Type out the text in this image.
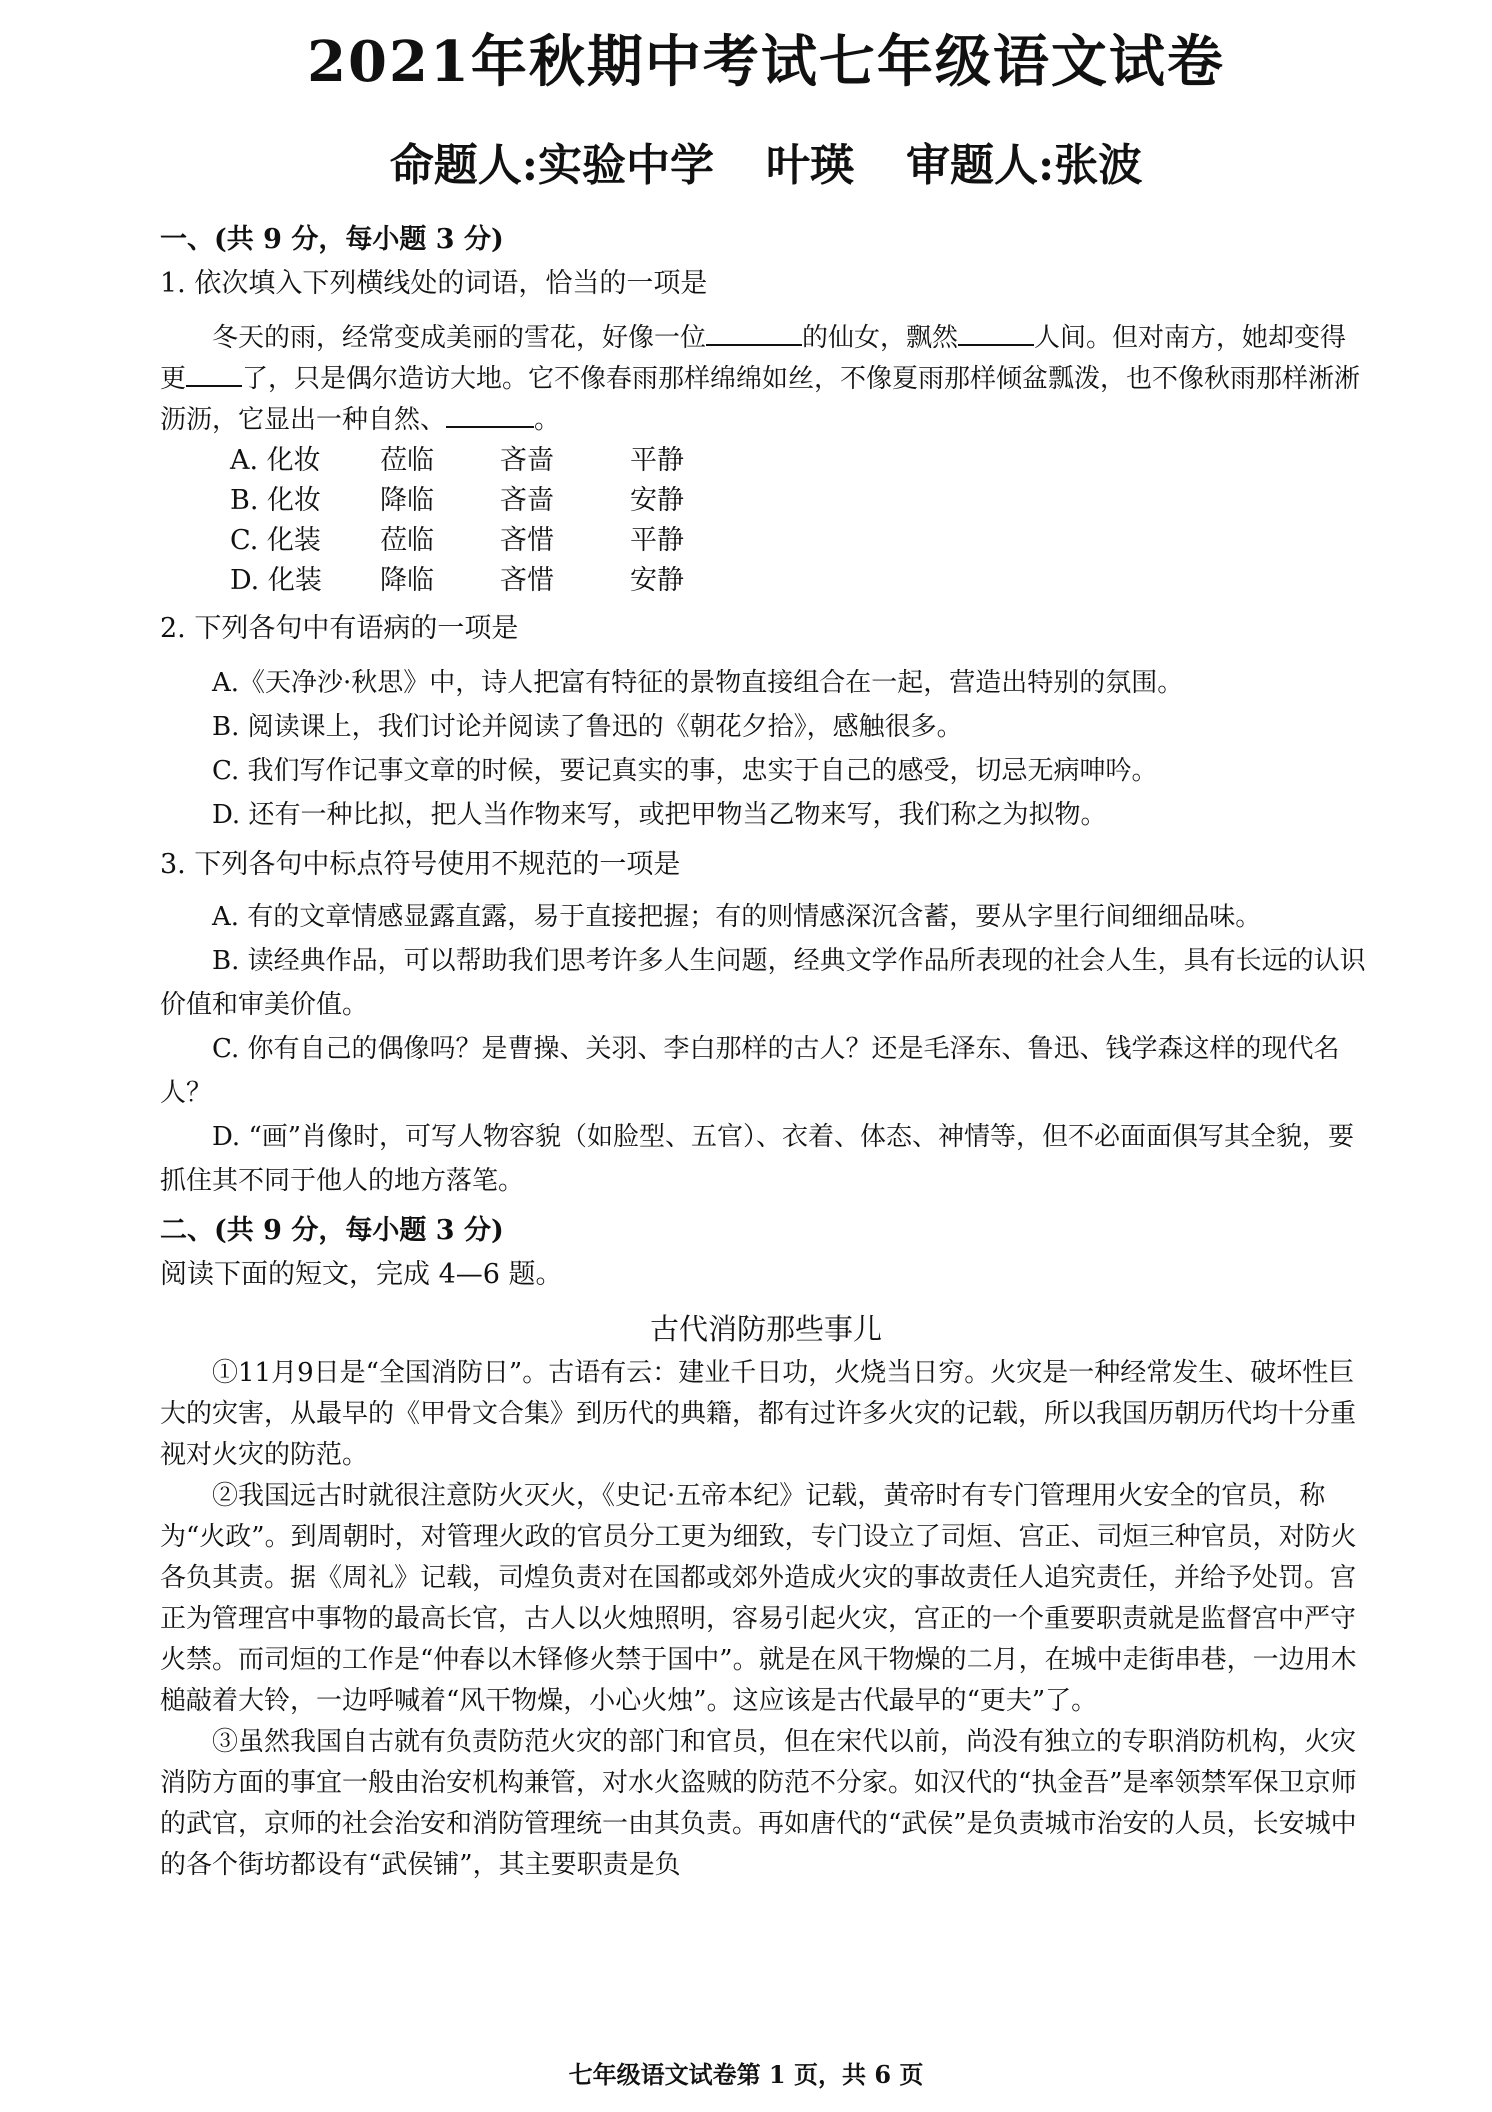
2021年秋期中考试七年级语文试卷
命题人:实验中学 叶瑛 审题人:张波
一、(共 9 分，每小题 3 分)
1. 依次填入下列横线处的词语，恰当的一项是

冬天的雨，经常变成美丽的雪花，好像一位	的仙女，飘然	人间。但对南方，她却变得更 了，只是偶尔造访大地。它不像春雨那样绵绵如丝，不像夏雨那样倾盆瓢泼，也不像秋雨那样淅淅沥沥，它显出一种自然、	。

A. 化妆	莅临	吝啬	平静
B. 化妆	降临	吝啬	安静
C. 化装	莅临	吝惜	平静
D. 化装	降临	吝惜	安静
2. 下列各句中有语病的一项是
A.《天净沙·秋思》中，诗人把富有特征的景物直接组合在一起，营造出特别的氛围。
B. 阅读课上，我们讨论并阅读了鲁迅的《朝花夕拾》，感触很多。
C. 我们写作记事文章的时候，要记真实的事，忠实于自己的感受，切忌无病呻吟。
D. 还有一种比拟，把人当作物来写，或把甲物当乙物来写，我们称之为拟物。
3. 下列各句中标点符号使用不规范的一项是
A. 有的文章情感显露直露，易于直接把握；有的则情感深沉含蓄，要从字里行间细细品味。
B. 读经典作品，可以帮助我们思考许多人生问题，经典文学作品所表现的社会人生，具有长远的认识价值和审美价值。
C. 你有自己的偶像吗？是曹操、关羽、李白那样的古人？还是毛泽东、鲁迅、钱学森这样的现代名人？
D. “画”肖像时，可写人物容貌（如脸型、五官）、衣着、体态、神情等，但不必面面俱写其全貌，要抓住其不同于他人的地方落笔。
二、(共 9 分，每小题 3 分)
阅读下面的短文，完成 4—6 题。
古代消防那些事儿

①11月9日是“全国消防日”。古语有云：建业千日功，火烧当日穷。火灾是一种经常发生、破坏性巨大的灾害，从最早的《甲骨文合集》到历代的典籍，都有过许多火灾的记载，所以我国历朝历代均十分重视对火灾的防范。

②我国远古时就很注意防火灭火，《史记·五帝本纪》记载，黄帝时有专门管理用火安全的官员，称为“火政”。到周朝时，对管理火政的官员分工更为细致，专门设立了司烜、宫正、司烜三种官员，对防火各负其责。据《周礼》记载，司煌负责对在国都或郊外造成火灾的事故责任人追究责任，并给予处罚。宫正为管理宫中事物的最高长官，古人以火烛照明，容易引起火灾，宫正的一个重要职责就是监督宫中严守火禁。而司烜的工作是“仲春以木铎修火禁于国中”。就是在风干物燥的二月，在城中走街串巷，一边用木槌敲着大铃，一边呼喊着“风干物燥，小心火烛”。这应该是古代最早的“更夫”了。

③虽然我国自古就有负责防范火灾的部门和官员，但在宋代以前，尚没有独立的专职消防机构，火灾消防方面的事宜一般由治安机构兼管，对水火盗贼的防范不分家。如汉代的“执金吾”是率领禁军保卫京师的武官，京师的社会治安和消防管理统一由其负责。再如唐代的“武侯”是负责城市治安的人员，长安城中的各个街坊都设有“武侯铺”，其主要职责是负

七年级语文试卷第 1 页，共 6 页
